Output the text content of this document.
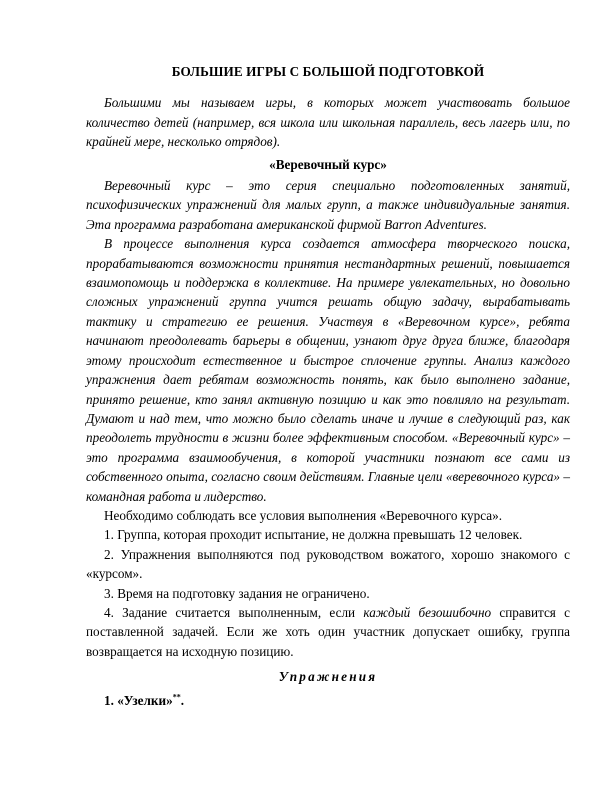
БОЛЬШИЕ ИГРЫ С БОЛЬШОЙ ПОДГОТОВКОЙ

Большими мы называем игры, в которых может участвовать большое количество детей (например, вся школа или школьная параллель, весь лагерь или, по крайней мере, несколько отрядов).

«Веревочный курс»

Веревочный курс – это серия специально подготовленных занятий, психофизических упражнений для малых групп, а также индивидуальные занятия. Эта программа разработана американской фирмой Barron Adventures.

В процессе выполнения курса создается атмосфера творческого поиска, прорабатываются возможности принятия нестандартных решений, повышается взаимопомощь и поддержка в коллективе. На примере увлекательных, но довольно сложных упражнений группа учится решать общую задачу, вырабатывать тактику и стратегию ее решения. Участвуя в «Веревочном курсе», ребята начинают преодолевать барьеры в общении, узнают друг друга ближе, благодаря этому происходит естественное и быстрое сплочение группы. Анализ каждого упражнения дает ребятам возможность понять, как было выполнено задание, принято решение, кто занял активную позицию и как это повлияло на результат. Думают и над тем, что можно было сделать иначе и лучше в следующий раз, как преодолеть трудности в жизни более эффективным способом. «Веревочный курс» – это программа взаимообучения, в которой участники познают все сами из собственного опыта, согласно своим действиям. Главные цели «веревочного курса» – командная работа и лидерство.

Необходимо соблюдать все условия выполнения «Веревочного курса».

1. Группа, которая проходит испытание, не должна превышать 12 человек.

2. Упражнения выполняются под руководством вожатого, хорошо знакомого с «курсом».

3. Время на подготовку задания не ограничено.

4. Задание считается выполненным, если каждый безошибочно справится с поставленной задачей. Если же хоть один участник допускает ошибку, группа возвращается на исходную позицию.

Упражнения

1. «Узелки»**.
